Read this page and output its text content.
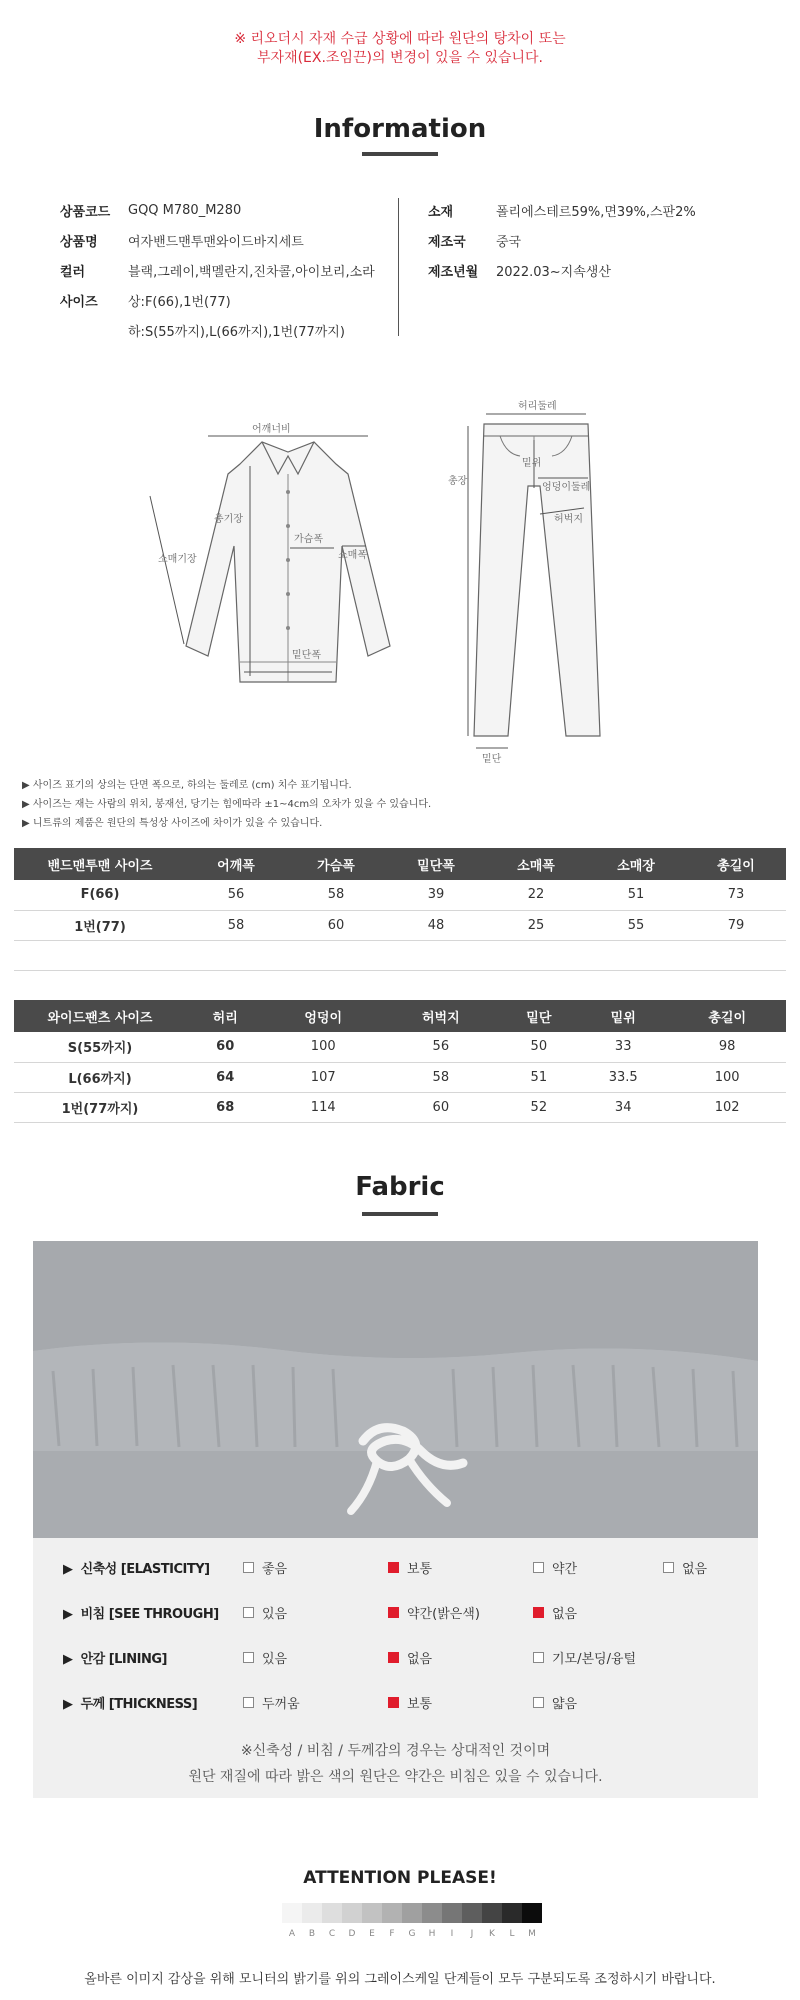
※ 리오더시 자재 수급 상황에 따라 원단의 탕차이 또는
부자재(EX.조임끈)의 변경이 있을 수 있습니다.
Information
상품코드	GQQ M780_M280
상품명	여자밴드맨투맨와이드바지세트
컬러	블랙,그레이,백멜란지,진차콜,아이보리,소라
사이즈	상:F(66),1번(77)
하:S(55까지),L(66까지),1번(77까지)
소재	폴리에스테르59%,면39%,스판2%
제조국	중국
제조년월	2022.03~지속생산
어깨너비
총기장
가슴폭
소매폭
소매기장
밑단폭
허리둘레
총장
밑위
엉덩이둘레
허벅지
밑단
▶ 사이즈 표기의 상의는 단면 폭으로, 하의는 둘레로 (cm) 치수 표기됩니다.
▶ 사이즈는 재는 사람의 위치, 봉재선, 당기는 힘에따라 ±1~4cm의 오차가 있을 수 있습니다.
▶ 니트류의 제품은 원단의 특성상 사이즈에 차이가 있을 수 있습니다.
밴드맨투맨 사이즈	어깨폭	가슴폭	밑단폭	소매폭	소매장	총길이
F(66)	56	58	39	22	51	73
1번(77)	58	60	48	25	55	79

와이드팬츠 사이즈	허리	엉덩이	허벅지	밑단	밑위	총길이
S(55까지)	60	100	56	50	33	98
L(66까지)	64	107	58	51	33.5	100
1번(77까지)	68	114	60	52	34	102
Fabric
▶  신축성 [ELASTICITY]	좋음	보통	약간	없음
▶  비침 [SEE THROUGH]	있음	약간(밝은색)	없음
▶  안감 [LINING]	있음	없음	기모/본딩/융털
▶  두께 [THICKNESS]	두꺼움	보통	얇음
※신축성 / 비침 / 두께감의 경우는 상대적인 것이며
원단 재질에 따라 밝은 색의 원단은 약간은 비침은 있을 수 있습니다.
ATTENTION PLEASE!
A	B	C	D	E	F	G	H	I	J	K	L	M
올바른 이미지 감상을 위해 모니터의 밝기를 위의 그레이스케일 단계들이 모두 구분되도록 조정하시기 바랍니다.
